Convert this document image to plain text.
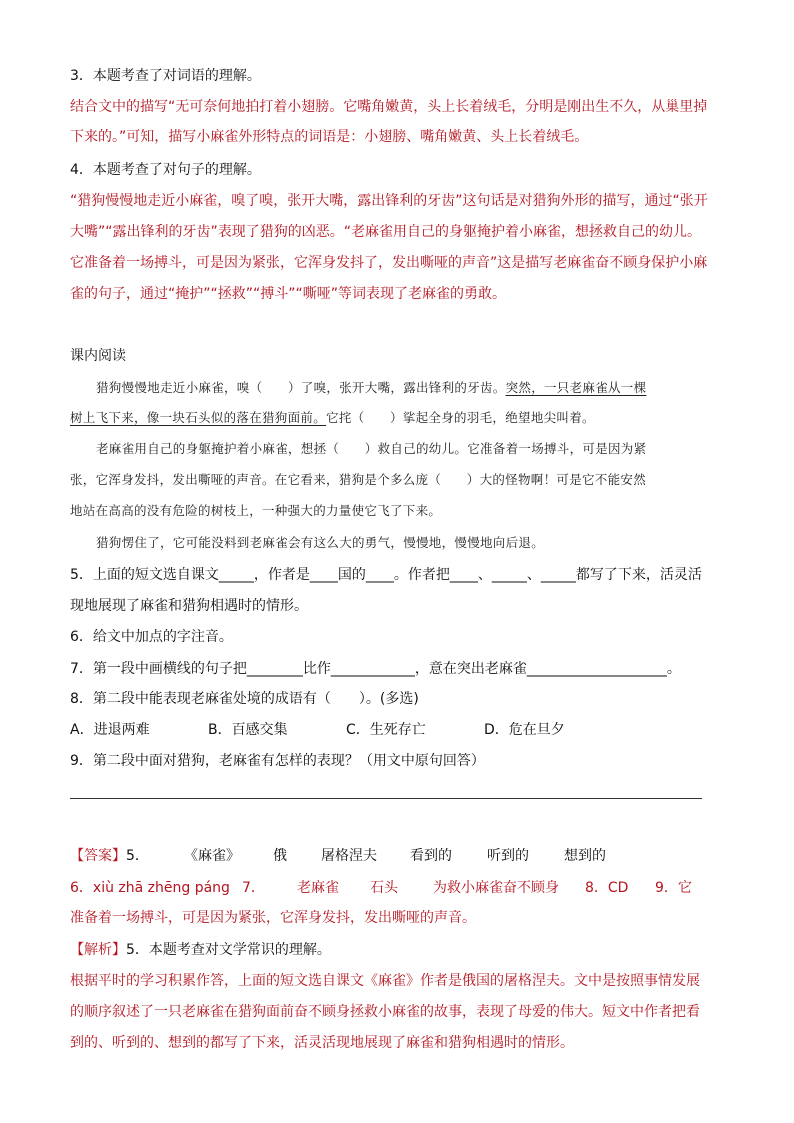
3．本题考查了对词语的理解。
结合文中的描写“无可奈何地拍打着小翅膀。它嘴角嫩黄，头上长着绒毛，分明是刚出生不久，从巢里掉
下来的。”可知，描写小麻雀外形特点的词语是：小翅膀、嘴角嫩黄、头上长着绒毛。
4．本题考查了对句子的理解。
“猎狗慢慢地走近小麻雀，嗅了嗅，张开大嘴，露出锋利的牙齿”这句话是对猎狗外形的描写，通过“张开
大嘴”“露出锋利的牙齿”表现了猎狗的凶恶。“老麻雀用自己的身躯掩护着小麻雀，想拯救自己的幼儿。
它准备着一场搏斗，可是因为紧张，它浑身发抖了，发出嘶哑的声音”这是描写老麻雀奋不顾身保护小麻
雀的句子，通过“掩护”“拯救”“搏斗”“嘶哑”等词表现了老麻雀的勇敢。
课内阅读
猎狗慢慢地走近小麻雀，嗅（　　）了嗅，张开大嘴，露出锋利的牙齿。突然，一只老麻雀从一棵
树上飞下来，像一块石头似的落在猎狗面前。它挓（　　）挲起全身的羽毛，绝望地尖叫着。
老麻雀用自己的身躯掩护着小麻雀，想拯（　　）救自己的幼儿。它准备着一场搏斗，可是因为紧
张，它浑身发抖，发出嘶哑的声音。在它看来，猎狗是个多么庞（　　）大的怪物啊！可是它不能安然
地站在高高的没有危险的树枝上，一种强大的力量使它飞了下来。
猎狗愣住了，它可能没料到老麻雀会有这么大的勇气，慢慢地，慢慢地向后退。
5．上面的短文选自课文_____，作者是____国的____。作者把____、_____、_____都写了下来，活灵活
现地展现了麻雀和猎狗相遇时的情形。
6．给文中加点的字注音。
7．第一段中画横线的句子把________比作____________，意在突出老麻雀____________________。
8．第二段中能表现老麻雀处境的成语有（　　）。(多选)
A．进退两难	B．百感交集	C．生死存亡	D．危在旦夕
9．第二段中面对猎狗，老麻雀有怎样的表现？（用文中原句回答）
【答案】5．	《麻雀》 俄 屠格涅夫 看到的	听到的	想到的
6．xiù zhā zhēng páng 7． 老麻雀 石头	为救小麻雀奋不顾身 8．CD 9．它
准备着一场搏斗，可是因为紧张，它浑身发抖，发出嘶哑的声音。
【解析】5．本题考查对文学常识的理解。
根据平时的学习积累作答，上面的短文选自课文《麻雀》作者是俄国的屠格涅夫。文中是按照事情发展
的顺序叙述了一只老麻雀在猎狗面前奋不顾身拯救小麻雀的故事，表现了母爱的伟大。短文中作者把看
到的、听到的、想到的都写了下来，活灵活现地展现了麻雀和猎狗相遇时的情形。
